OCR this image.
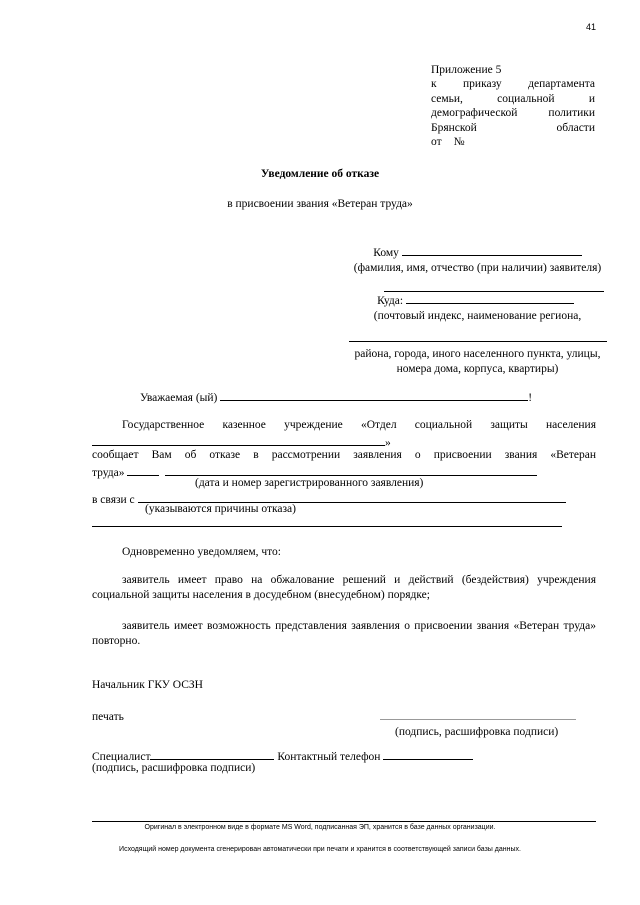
41
Приложение 5
к приказу департамента
семьи,	социальной	и
демографической	политики
Брянской	области
от №
Уведомление об отказе
в присвоении звания «Ветеран труда»
Кому
(фамилия, имя, отчество (при наличии) заявителя)
Куда:
(почтовый индекс, наименование региона,
района, города, иного населенного пункта, улицы,
номера дома, корпуса, квартиры)
Уважаемая (ый)	!
Государственное казенное учреждение «Отдел социальной защиты населения
»
сообщает Вам об отказе в рассмотрении заявления о присвоении звания «Ветеран
труда»
(дата и номер зарегистрированного заявления)
в связи с
(указываются причины отказа)
Одновременно уведомляем, что:
заявитель имеет право на обжалование решений и действий (бездействия) учреждения социальной защиты населения в досудебном (внесудебном) порядке;
заявитель имеет возможность представления заявления о присвоении звания «Ветеран труда» повторно.
Начальник ГКУ ОСЗН
печать
(подпись, расшифровка подписи)
Специалист	Контактный телефон
(подпись, расшифровка подписи)
Оригинал в электронном виде в формате MS Word, подписанная ЭП, хранится в базе данных организации.
Исходящий номер документа сгенерирован автоматически при печати и хранится в соответствующей записи базы данных.
